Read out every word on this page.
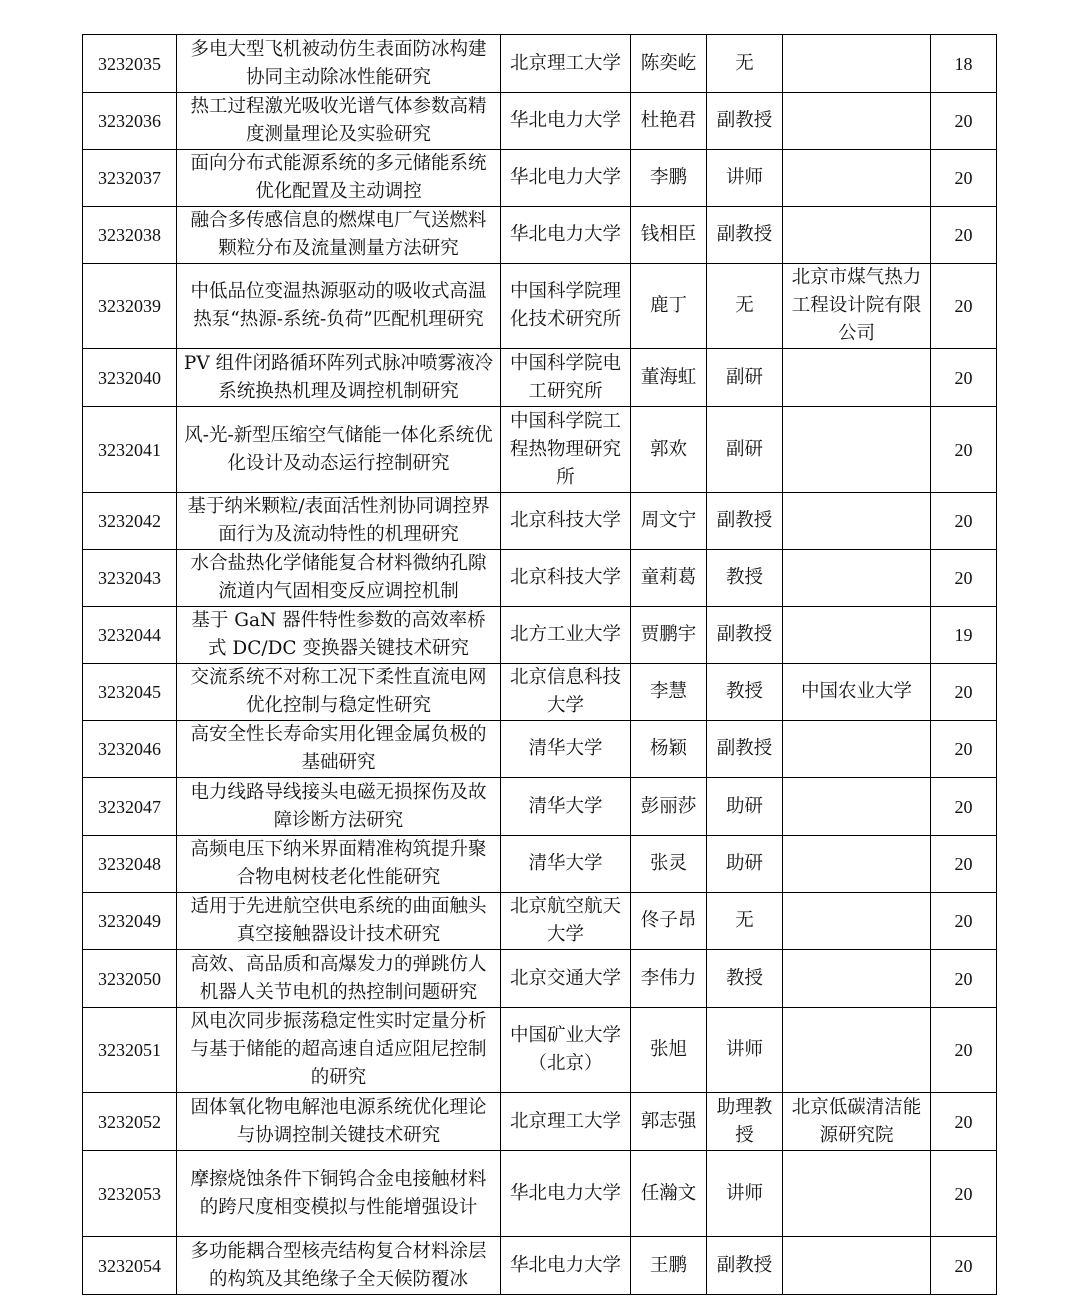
3232035	多电大型飞机被动仿生表面防冰构建协同主动除冰性能研究	北京理工大学	陈奕屹	无		18
3232036	热工过程激光吸收光谱气体参数高精度测量理论及实验研究	华北电力大学	杜艳君	副教授		20
3232037	面向分布式能源系统的多元储能系统优化配置及主动调控	华北电力大学	李鹏	讲师		20
3232038	融合多传感信息的燃煤电厂气送燃料颗粒分布及流量测量方法研究	华北电力大学	钱相臣	副教授		20
3232039	中低品位变温热源驱动的吸收式高温热泵“热源-系统-负荷”匹配机理研究	中国科学院理化技术研究所	鹿丁	无	北京市煤气热力工程设计院有限公司	20
3232040	PV 组件闭路循环阵列式脉冲喷雾液冷系统换热机理及调控机制研究	中国科学院电工研究所	董海虹	副研		20
3232041	风-光-新型压缩空气储能一体化系统优化设计及动态运行控制研究	中国科学院工程热物理研究所	郭欢	副研		20
3232042	基于纳米颗粒/表面活性剂协同调控界面行为及流动特性的机理研究	北京科技大学	周文宁	副教授		20
3232043	水合盐热化学储能复合材料微纳孔隙流道内气固相变反应调控机制	北京科技大学	童莉葛	教授		20
3232044	基于 GaN 器件特性参数的高效率桥式 DC/DC 变换器关键技术研究	北方工业大学	贾鹏宇	副教授		19
3232045	交流系统不对称工况下柔性直流电网优化控制与稳定性研究	北京信息科技大学	李慧	教授	中国农业大学	20
3232046	高安全性长寿命实用化锂金属负极的基础研究	清华大学	杨颖	副教授		20
3232047	电力线路导线接头电磁无损探伤及故障诊断方法研究	清华大学	彭丽莎	助研		20
3232048	高频电压下纳米界面精准构筑提升聚合物电树枝老化性能研究	清华大学	张灵	助研		20
3232049	适用于先进航空供电系统的曲面触头真空接触器设计技术研究	北京航空航天大学	佟子昂	无		20
3232050	高效、高品质和高爆发力的弹跳仿人机器人关节电机的热控制问题研究	北京交通大学	李伟力	教授		20
3232051	风电次同步振荡稳定性实时定量分析与基于储能的超高速自适应阻尼控制的研究	中国矿业大学（北京）	张旭	讲师		20
3232052	固体氧化物电解池电源系统优化理论与协调控制关键技术研究	北京理工大学	郭志强	助理教授	北京低碳清洁能源研究院	20
3232053	摩擦烧蚀条件下铜钨合金电接触材料的跨尺度相变模拟与性能增强设计	华北电力大学	任瀚文	讲师		20
3232054	多功能耦合型核壳结构复合材料涂层的构筑及其绝缘子全天候防覆冰	华北电力大学	王鹏	副教授		20
